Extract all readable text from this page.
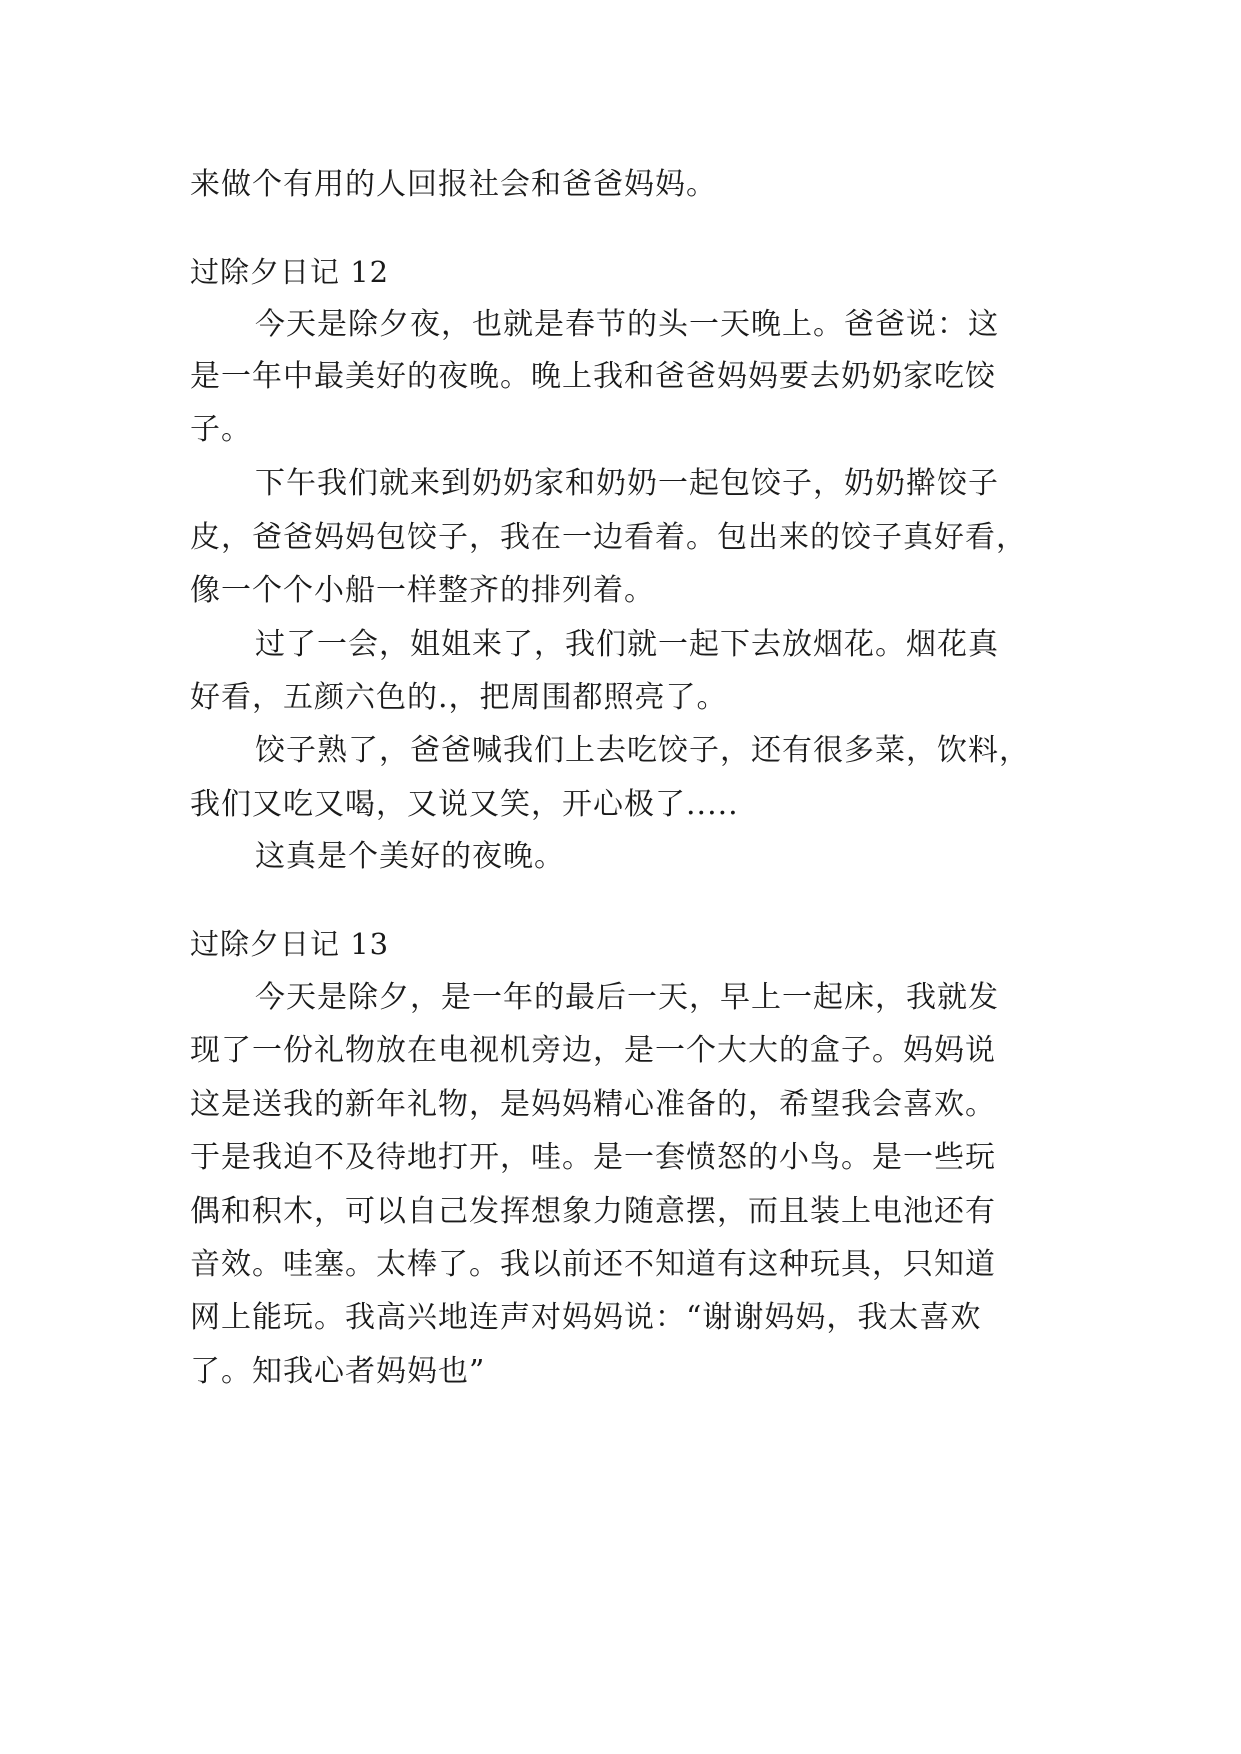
来做个有用的人回报社会和爸爸妈妈。
过除夕日记 12
今天是除夕夜，也就是春节的头一天晚上。爸爸说：这
是一年中最美好的夜晚。晚上我和爸爸妈妈要去奶奶家吃饺
子。
下午我们就来到奶奶家和奶奶一起包饺子，奶奶擀饺子
皮，爸爸妈妈包饺子，我在一边看着。包出来的饺子真好看，
像一个个小船一样整齐的排列着。
过了一会，姐姐来了，我们就一起下去放烟花。烟花真
好看，五颜六色的.，把周围都照亮了。
饺子熟了，爸爸喊我们上去吃饺子，还有很多菜，饮料，
我们又吃又喝，又说又笑，开心极了.....
这真是个美好的夜晚。
过除夕日记 13
今天是除夕，是一年的最后一天，早上一起床，我就发
现了一份礼物放在电视机旁边，是一个大大的盒子。妈妈说
这是送我的新年礼物，是妈妈精心准备的，希望我会喜欢。
于是我迫不及待地打开，哇。是一套愤怒的小鸟。是一些玩
偶和积木，可以自己发挥想象力随意摆，而且装上电池还有
音效。哇塞。太棒了。我以前还不知道有这种玩具，只知道
网上能玩。我高兴地连声对妈妈说：“谢谢妈妈，我太喜欢
了。知我心者妈妈也”
